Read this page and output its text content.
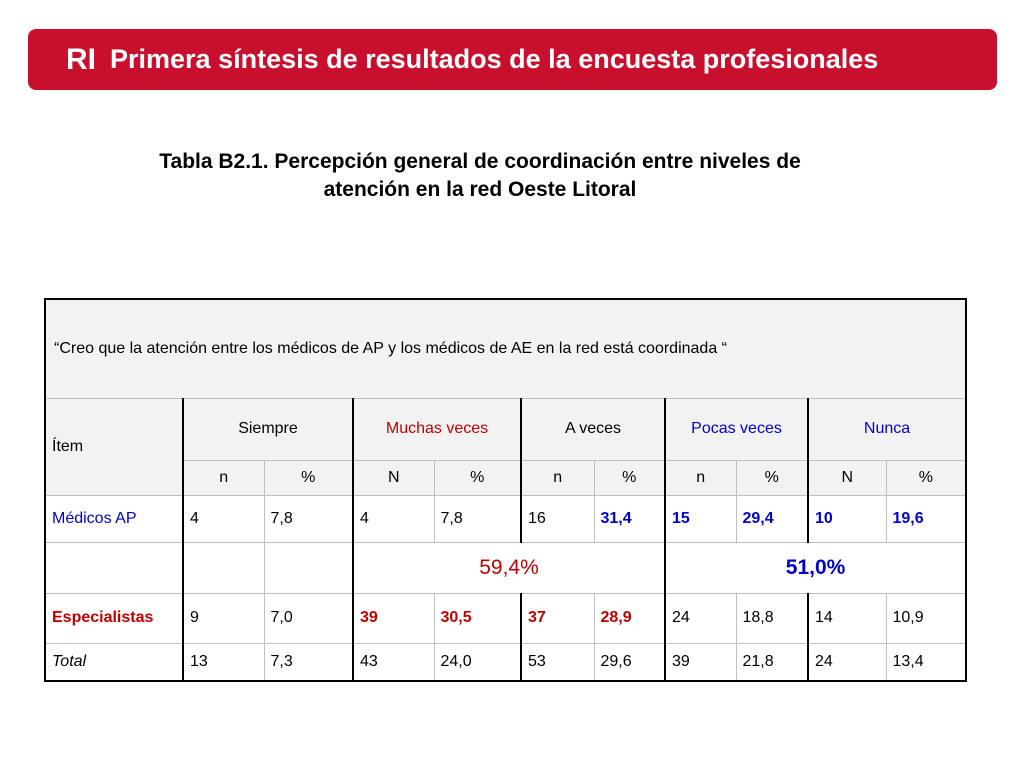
RI Primera síntesis de resultados de la encuesta profesionales
Tabla B2.1. Percepción general de coordinación entre niveles de
atención en la red Oeste Litoral
“Creo que la atención entre los médicos de AP y los médicos de AE en la red está coordinada “										
Ítem	Siempre		Muchas veces		A veces		Pocas veces		Nunca	
	n	%	N	%	n	%	n	%	N	%
Médicos AP	4	7,8	4	7,8	16	31,4	15	29,4	10	19,6
			59,4%				51,0%			
Especialistas	9	7,0	39	30,5	37	28,9	24	18,8	14	10,9
Total	13	7,3	43	24,0	53	29,6	39	21,8	24	13,4
